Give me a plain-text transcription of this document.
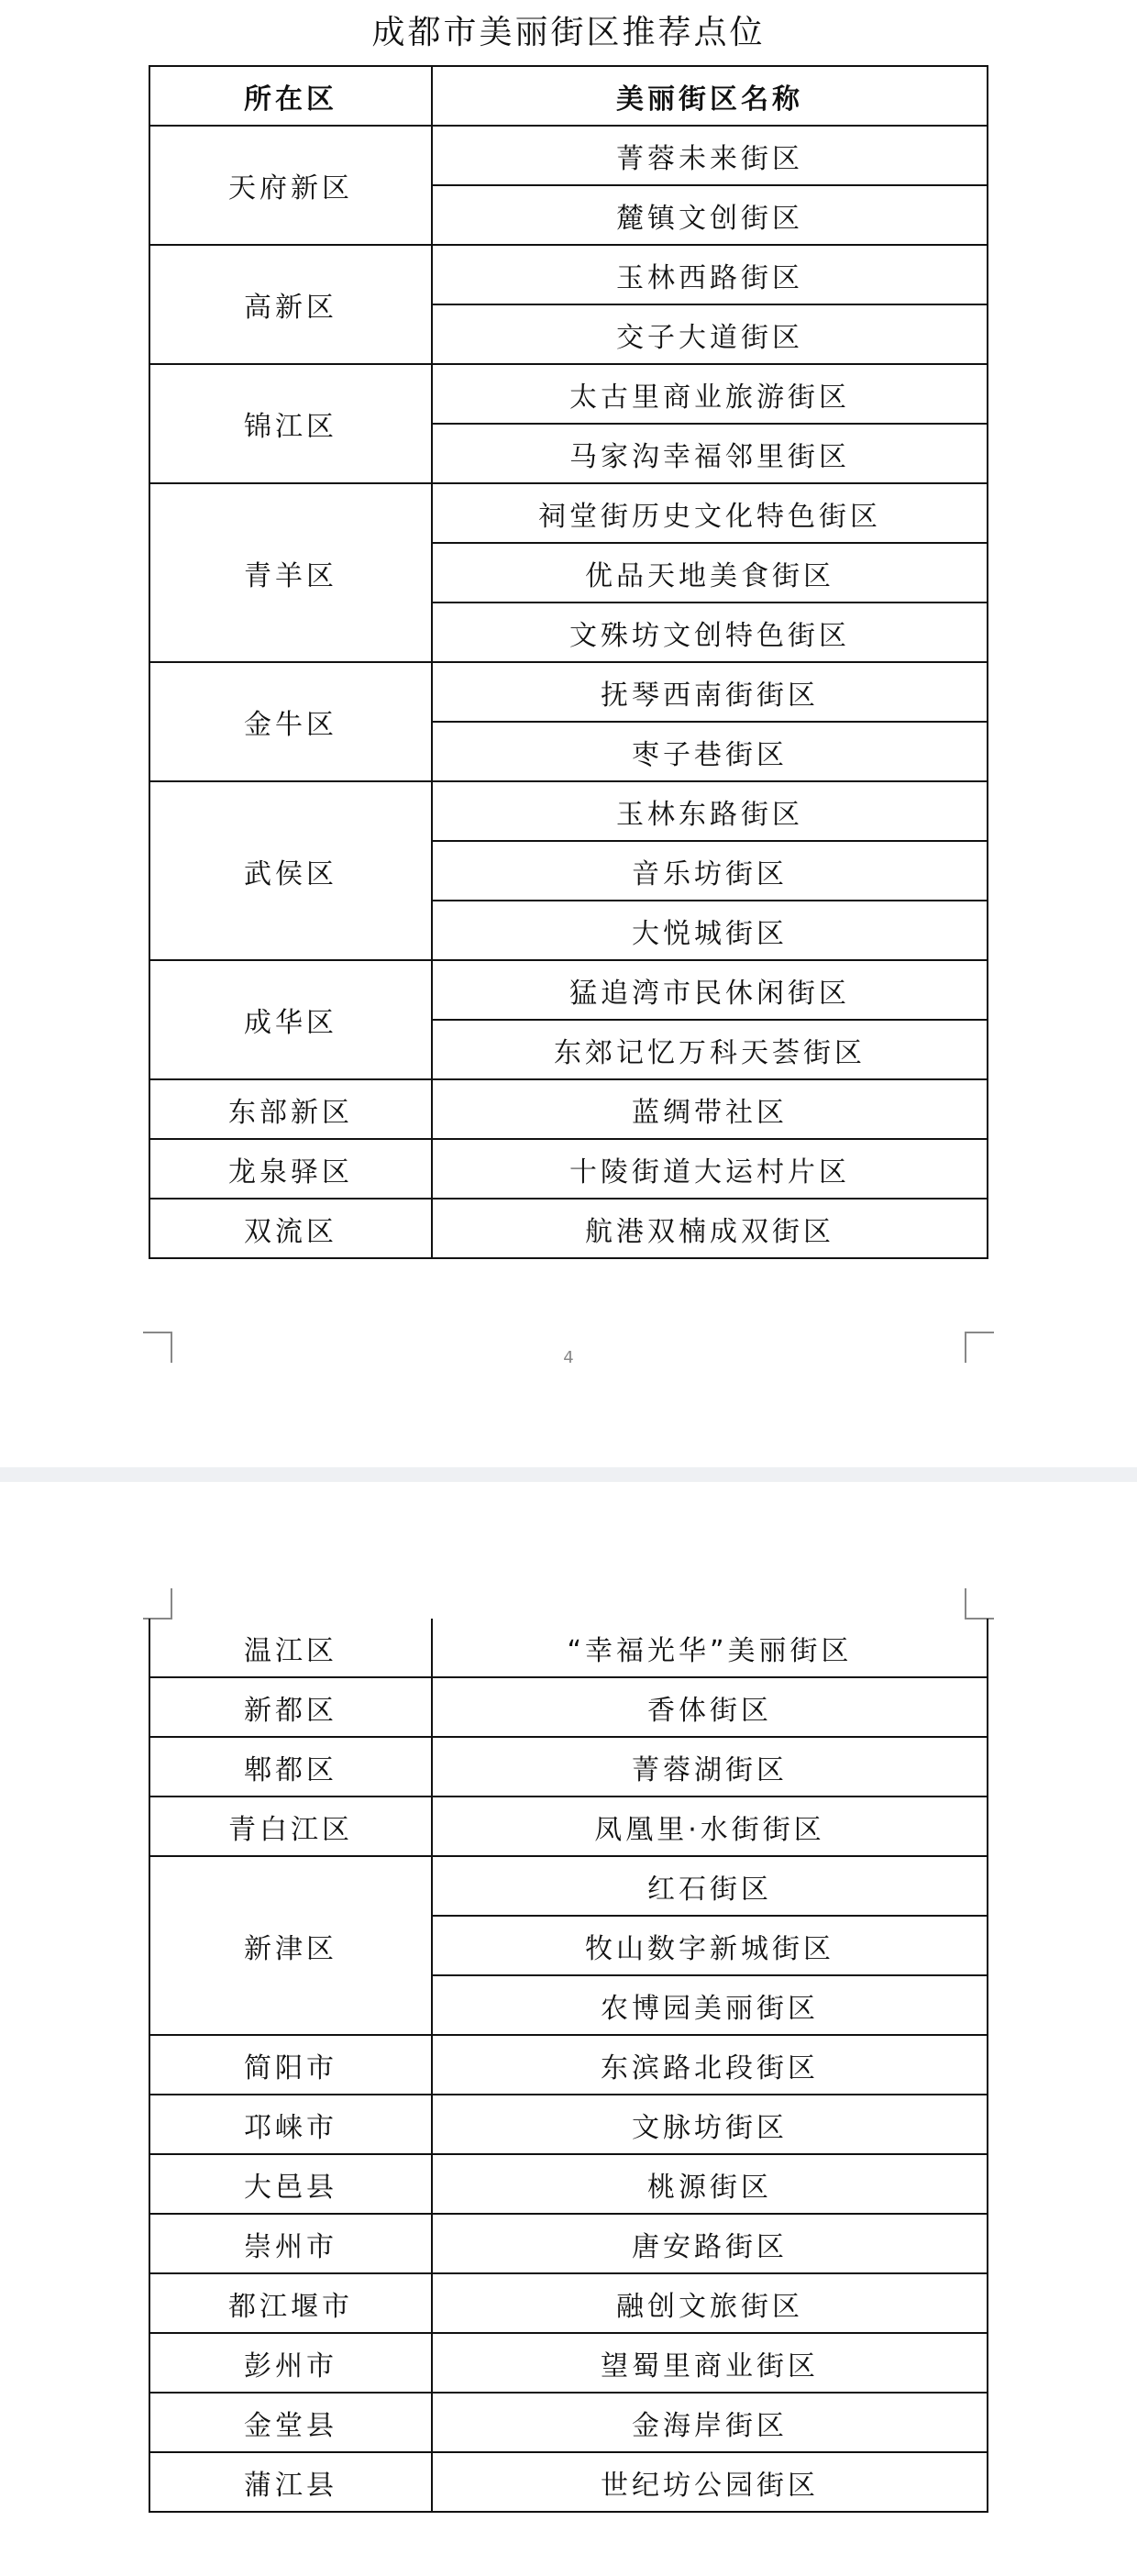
成都市美丽街区推荐点位
所在区	美丽街区名称
天府新区	菁蓉未来街区
	麓镇文创街区
高新区	玉林西路街区
	交子大道街区
锦江区	太古里商业旅游街区
	马家沟幸福邻里街区
青羊区	祠堂街历史文化特色街区
	优品天地美食街区
	文殊坊文创特色街区
金牛区	抚琴西南街街区
	枣子巷街区
武侯区	玉林东路街区
	音乐坊街区
	大悦城街区
成华区	猛追湾市民休闲街区
	东郊记忆万科天荟街区
东部新区	蓝绸带社区
龙泉驿区	十陵街道大运村片区
双流区	航港双楠成双街区
4
温江区	“幸福光华”美丽街区
新都区	香体街区
郫都区	菁蓉湖街区
青白江区	凤凰里·水街街区
新津区	红石街区
	牧山数字新城街区
	农博园美丽街区
简阳市	东滨路北段街区
邛崃市	文脉坊街区
大邑县	桃源街区
崇州市	唐安路街区
都江堰市	融创文旅街区
彭州市	望蜀里商业街区
金堂县	金海岸街区
蒲江县	世纪坊公园街区
